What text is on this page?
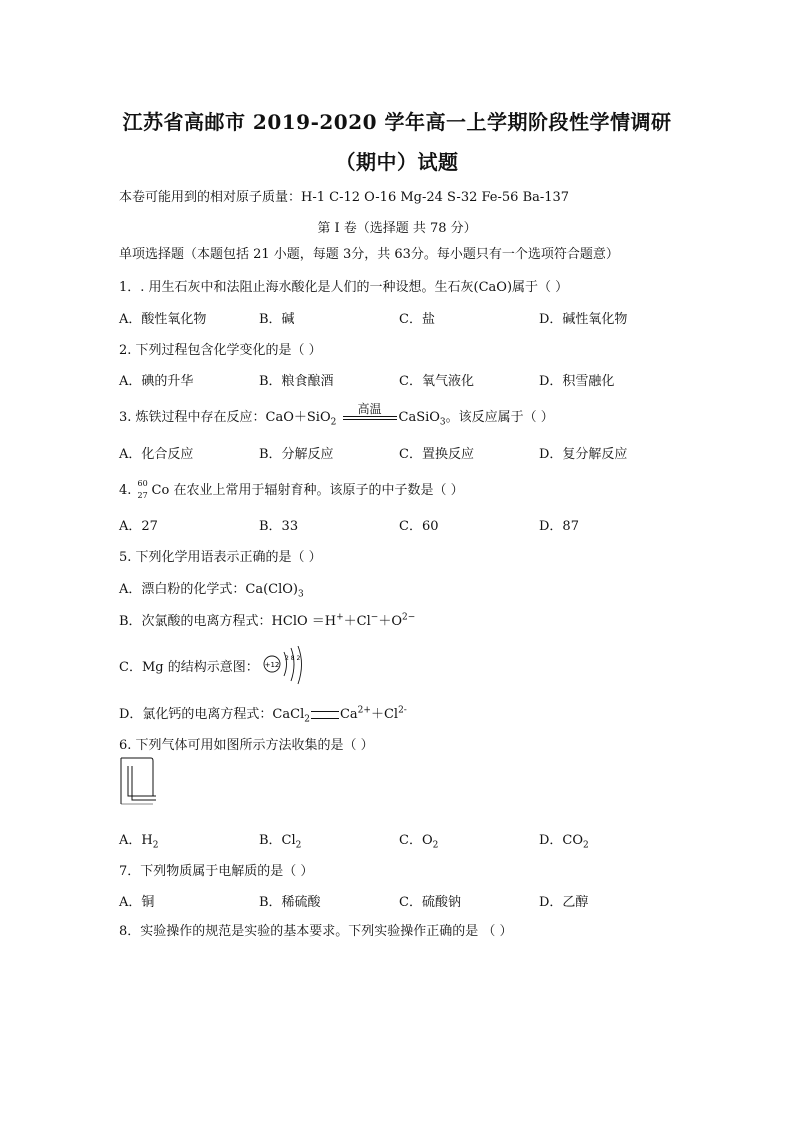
江苏省高邮市 2019-2020 学年高一上学期阶段性学情调研
（期中）试题
本卷可能用到的相对原子质量：H-1 C-12 O-16 Mg-24 S-32 Fe-56 Ba-137
第 I 卷（选择题 共 78 分）
单项选择题（本题包括 21 小题，每题 3分，共 63分。每小题只有一个选项符合题意）
1．. 用生石灰中和法阻止海水酸化是人们的一种设想。生石灰(CaO)属于（ ）
A．酸性氧化物	B．碱	C．盐	D．碱性氧化物
2. 下列过程包含化学变化的是（ ）
A．碘的升华	B．粮食酿酒	C．氧气液化	D．积雪融化
3. 炼铁过程中存在反应：CaO＋SiO$_2$
高温
CaSiO$_3$。该反应属于（ ）
A．化合反应	B．分解反应	C．置换反应	D．复分解反应
4. 60
27 Co 在农业上常用于辐射育种。该原子的中子数是（ ）
A．27	B．33	C．60	D．87
5. 下列化学用语表示正确的是（ ）
A．漂白粉的化学式：$Ca(ClO)_3$
B．次氯酸的电离方程式：HClO $=H^++Cl^-+O^{2-}$
C．Mg 的结构示意图： +12
2 8 2
D．氯化钙的电离方程式：CaCl$_2$ $Ca^{2+}+Cl^{2-}$
6. 下列气体可用如图所示方法收集的是（ ）
A．$H_2$	B．$Cl_2$	C．$O_2$	D．$CO_2$
7．下列物质属于电解质的是（ ）
A．铜	B．稀硫酸	C．硫酸钠	D．乙醇
8．实验操作的规范是实验的基本要求。下列实验操作正确的是 （ ）
